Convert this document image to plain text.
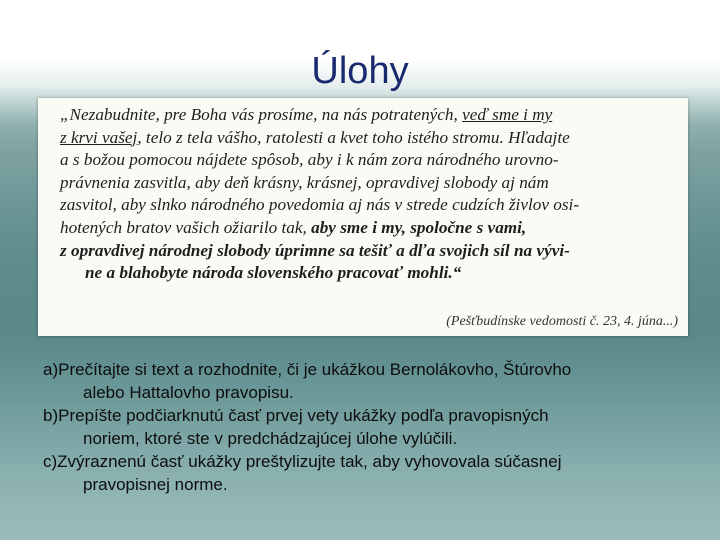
Úlohy
„Nezabudnite, pre Boha vás prosíme, na nás potratených, veď sme i my
z krvi vašej, telo z tela vášho, ratolesti a kvet toho istého stromu. Hľadajte
a s božou pomocou nájdete spôsob, aby i k nám zora národného urovno-
právnenia zasvitla, aby deň krásny, krásnej, opravdivej slobody aj nám
zasvitol, aby slnko národného povedomia aj nás v strede cudzích živlov osi-
hotených bratov vašich ožiarilo tak, aby sme i my, spoločne s vami,
z opravdivej národnej slobody úprimne sa tešiť a dľa svojich síl na vývi-
ne a blahobyte národa slovenského pracovať mohli.“
(Pešťbudínske vedomosti č. 23, 4. júna...)
a)Prečítajte si text a rozhodnite, či je ukážkou Bernolákovho, Štúrovho
alebo Hattalovho pravopisu.
b)Prepíšte podčiarknutú časť prvej vety ukážky podľa pravopisných
noriem, ktoré ste v predchádzajúcej úlohe vylúčili.
c)Zvýraznenú časť ukážky preštylizujte tak, aby vyhovovala súčasnej
pravopisnej norme.
